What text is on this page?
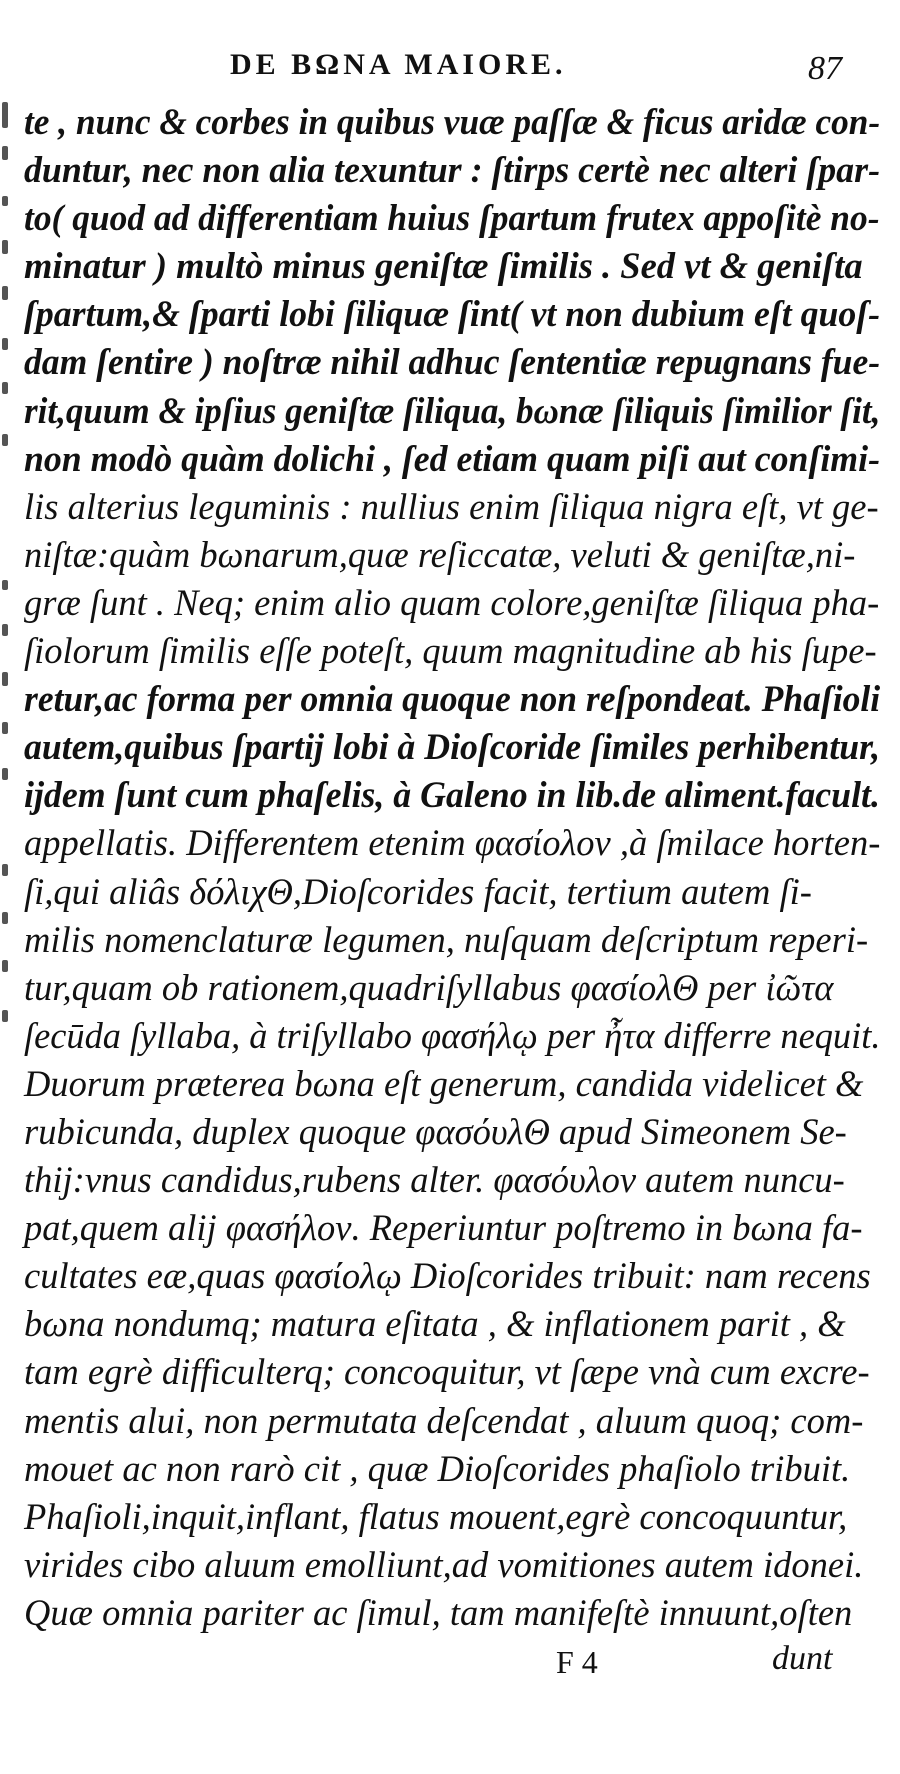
DE BΩNA MAIORE.	87
te , nunc & corbes in quibus vuæ paſſæ & ficus aridæ con-
duntur, nec non alia texuntur : ſtirps certè nec alteri ſpar-
to( quod ad differentiam huius ſpartum frutex appoſitè no-
minatur ) multò minus geniſtæ ſimilis . Sed vt & geniſta
ſpartum,& ſparti lobi ſiliquæ ſint( vt non dubium eſt quoſ-
dam ſentire ) noſtræ nihil adhuc ſententiæ repugnans fue-
rit,quum & ipſius geniſtæ ſiliqua, bωnæ ſiliquis ſimilior ſit,
non modò quàm dolichi , ſed etiam quam piſi aut conſimi-
lis alterius leguminis : nullius enim ſiliqua nigra eſt, vt ge-
niſtæ:quàm bωnarum,quæ reſiccatæ, veluti & geniſtæ,ni-
græ ſunt . Neq; enim alio quam colore,geniſtæ ſiliqua pha-
ſiolorum ſimilis eſſe poteſt, quum magnitudine ab his ſupe-
retur,ac forma per omnia quoque non reſpondeat. Phaſioli
autem,quibus ſpartij lobi à Dioſcoride ſimiles perhibentur,
ijdem ſunt cum phaſelis, à Galeno in lib.de aliment.facult.
appellatis. Differentem etenim φασίολον ,à ſmilace horten-
ſi,qui aliâs δόλιχΘ,Dioſcorides facit, tertium autem ſi-
milis nomenclaturæ legumen, nuſquam deſcriptum reperi-
tur,quam ob rationem,quadriſyllabus φασίολΘ per ἰῶτα
ſecūda ſyllaba, à triſyllabo φασήλῳ per ἦτα differre nequit.
Duorum præterea bωna eſt generum, candida videlicet &
rubicunda, duplex quoque φασόυλΘ apud Simeonem Se-
thij:vnus candidus,rubens alter. φασόυλον autem nuncu-
pat,quem alij φασήλον. Reperiuntur poſtremo in bωna fa-
cultates eæ,quas φασίολῳ Dioſcorides tribuit: nam recens
bωna nondumq; matura eſitata , & inflationem parit , &
tam egrè difficulterq; concoquitur, vt ſæpe vnà cum excre-
mentis alui, non permutata deſcendat , aluum quoq; com-
mouet ac non rarò cit , quæ Dioſcorides phaſiolo tribuit.
Phaſioli,inquit,inflant, flatus mouent,egrè concoquuntur,
virides cibo aluum emolliunt,ad vomitiones autem idonei.
Quæ omnia pariter ac ſimul, tam manifeſtè innuunt,oſten
F 4	dunt
